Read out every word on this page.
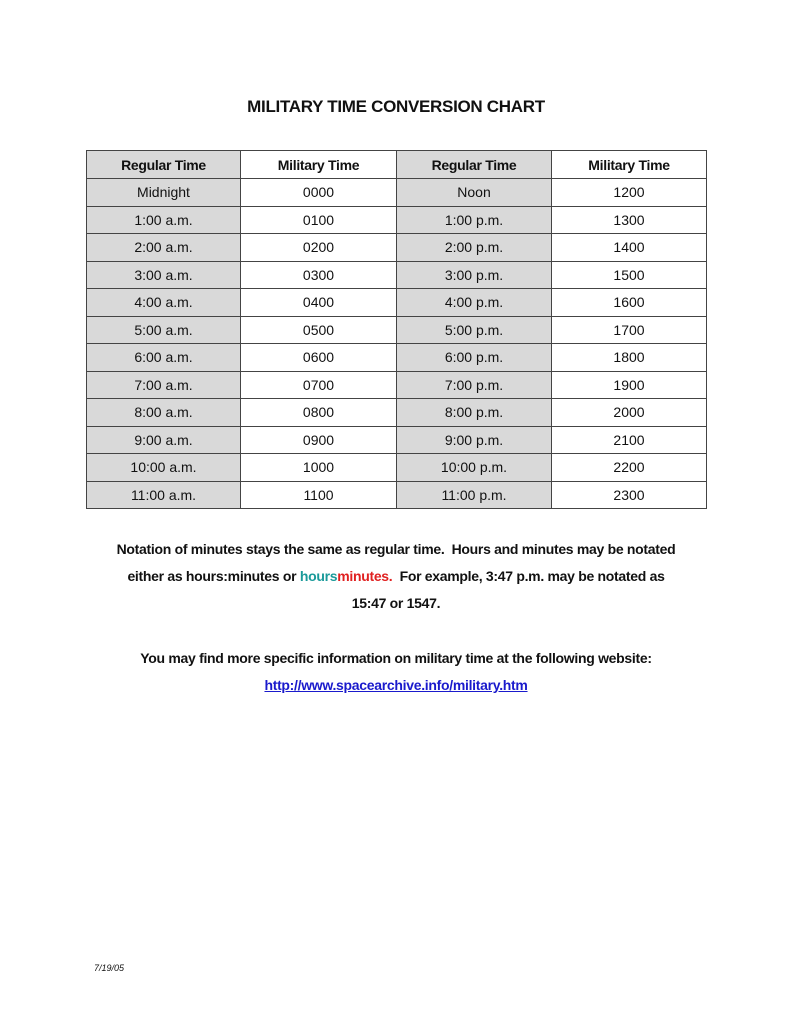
MILITARY TIME CONVERSION CHART
Regular Time	Military Time	Regular Time	Military Time
Midnight	0000	Noon	1200
1:00 a.m.	0100	1:00 p.m.	1300
2:00 a.m.	0200	2:00 p.m.	1400
3:00 a.m.	0300	3:00 p.m.	1500
4:00 a.m.	0400	4:00 p.m.	1600
5:00 a.m.	0500	5:00 p.m.	1700
6:00 a.m.	0600	6:00 p.m.	1800
7:00 a.m.	0700	7:00 p.m.	1900
8:00 a.m.	0800	8:00 p.m.	2000
9:00 a.m.	0900	9:00 p.m.	2100
10:00 a.m.	1000	10:00 p.m.	2200
11:00 a.m.	1100	11:00 p.m.	2300
Notation of minutes stays the same as regular time.  Hours and minutes may be notated
either as hours:minutes or hoursminutes.  For example, 3:47 p.m. may be notated as
15:47 or 1547.
You may find more specific information on military time at the following website:
http://www.spacearchive.info/military.htm
7/19/05
